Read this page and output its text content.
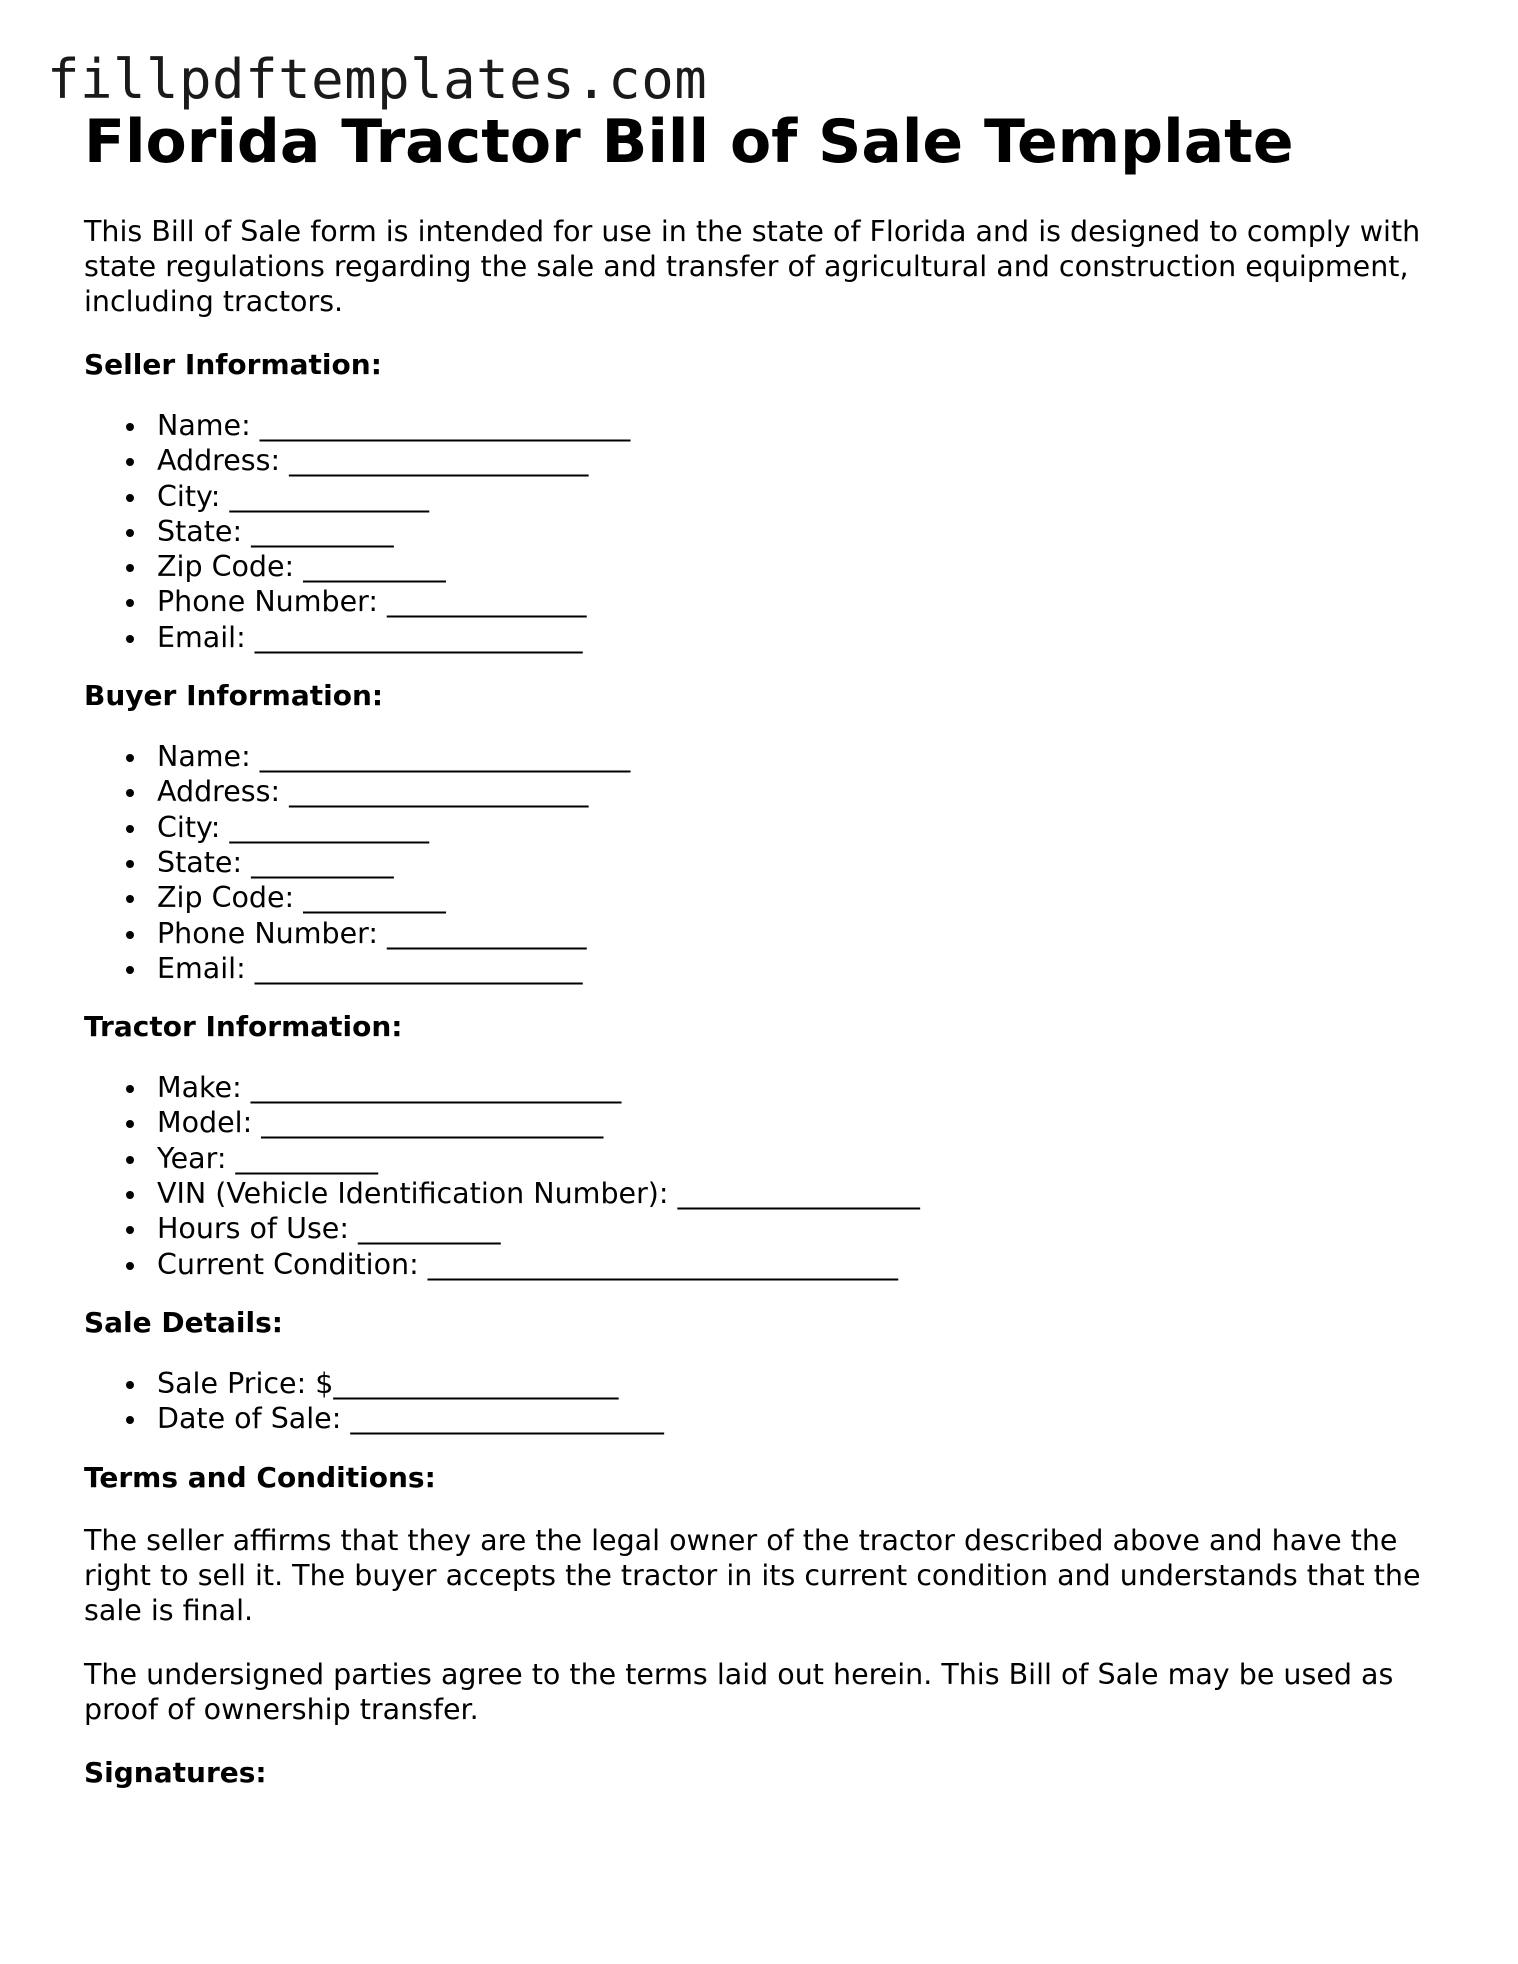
fillpdftemplates.com
Florida Tractor Bill of Sale Template

This Bill of Sale form is intended for use in the state of Florida and is designed to comply with state regulations regarding the sale and transfer of agricultural and construction equipment, including tractors.

Seller Information:
Name: __________________________
Address: _____________________
City: ______________
State: __________
Zip Code: __________
Phone Number: ______________
Email: _______________________
Buyer Information:
Name: __________________________
Address: _____________________
City: ______________
State: __________
Zip Code: __________
Phone Number: ______________
Email: _______________________
Tractor Information:
Make: __________________________
Model: ________________________
Year: __________
VIN (Vehicle Identification Number): _________________
Hours of Use: __________
Current Condition: _________________________________
Sale Details:
Sale Price: $____________________
Date of Sale: ______________________
Terms and Conditions:

The seller affirms that they are the legal owner of the tractor described above and have the right to sell it. The buyer accepts the tractor in its current condition and understands that the sale is final.

The undersigned parties agree to the terms laid out herein. This Bill of Sale may be used as proof of ownership transfer.

Signatures:
